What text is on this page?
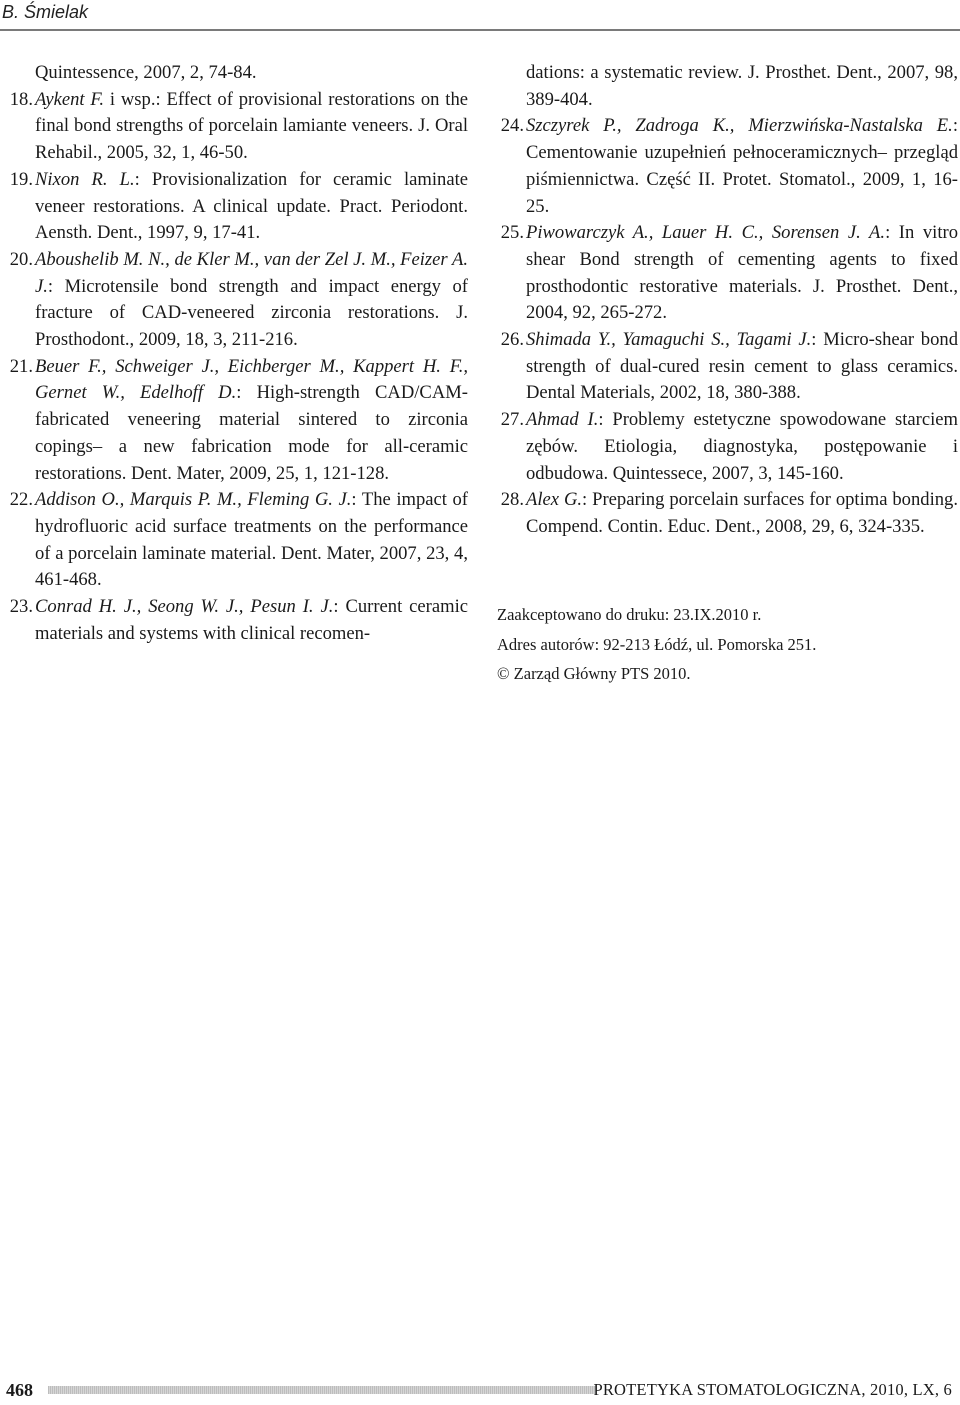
B. Śmielak
Quintessence, 2007, 2, 74-84.
18. Aykent F. i wsp.: Effect of provisional restorations on the final bond strengths of porcelain lamiante veneers. J. Oral Rehabil., 2005, 32, 1, 46-50.
19. Nixon R. L.: Provisionalization for ceramic laminate veneer restorations. A clinical update. Pract. Periodont. Aensth. Dent., 1997, 9, 17-41.
20. Aboushelib M. N., de Kler M., van der Zel J. M., Feizer A. J.: Microtensile bond strength and impact energy of fracture of CAD-veneered zirconia restorations. J. Prosthodont., 2009, 18, 3, 211-216.
21. Beuer F., Schweiger J., Eichberger M., Kappert H. F., Gernet W., Edelhoff D.: High-strength CAD/CAM-fabricated veneering material sintered to zirconia copings– a new fabrication mode for all-ceramic restorations. Dent. Mater, 2009, 25, 1, 121-128.
22. Addison O., Marquis P. M., Fleming G. J.: The impact of hydrofluoric acid surface treatments on the performance of a porcelain laminate material. Dent. Mater, 2007, 23, 4, 461-468.
23. Conrad H. J., Seong W. J., Pesun I. J.: Current ceramic materials and systems with clinical recomen-
dations: a systematic review. J. Prosthet. Dent., 2007, 98, 389-404.
24. Szczyrek P., Zadroga K., Mierzwińska-Nastalska E.: Cementowanie uzupełnień pełnoceramicznych– przegląd piśmiennictwa. Część II. Protet. Stomatol., 2009, 1, 16-25.
25. Piwowarczyk A., Lauer H. C., Sorensen J. A.: In vitro shear Bond strength of cementing agents to fixed prosthodontic restorative materials. J. Prosthet. Dent., 2004, 92, 265-272.
26. Shimada Y., Yamaguchi S., Tagami J.: Micro-shear bond strength of dual-cured resin cement to glass ceramics. Dental Materials, 2002, 18, 380-388.
27. Ahmad I.: Problemy estetyczne spowodowane starciem zębów. Etiologia, diagnostyka, postępowanie i odbudowa. Quintessece, 2007, 3, 145-160.
28. Alex G.: Preparing porcelain surfaces for optima bonding. Compend. Contin. Educ. Dent., 2008, 29, 6, 324-335.
Zaakceptowano do druku: 23.IX.2010 r.
Adres autorów: 92-213 Łódź, ul. Pomorska 251.
© Zarząd Główny PTS 2010.
468	PROTETYKA STOMATOLOGICZNA, 2010, LX, 6
